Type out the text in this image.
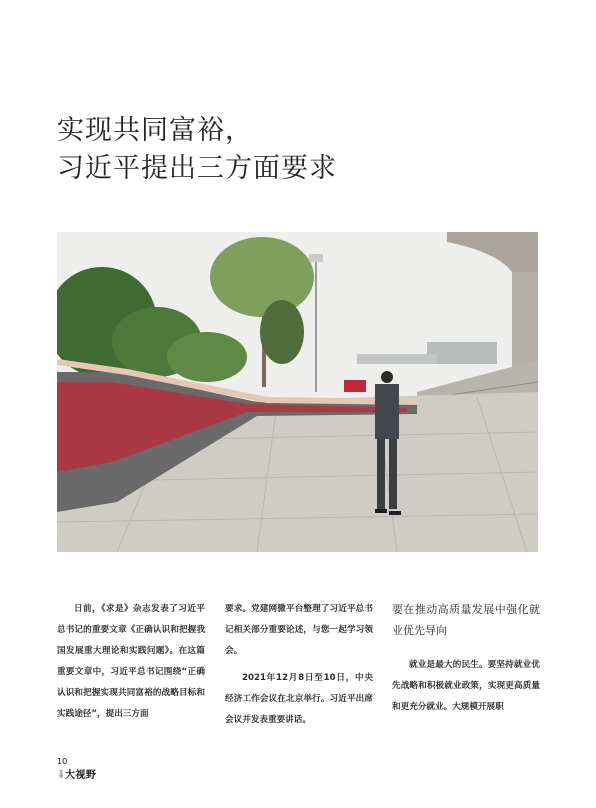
实现共同富裕，
习近平提出三方面要求

日前，《求是》杂志发表了习近平总书记的重要文章《正确认识和把握我国发展重大理论和实践问题》。在这篇重要文章中，习近平总书记围绕“正确认识和把握实现共同富裕的战略目标和实践途径”，提出三方面

要求。党建网微平台整理了习近平总书记相关部分重要论述，与您一起学习领会。

2021年12月8日至10日，中央经济工作会议在北京举行。习近平出席会议并发表重要讲话。

要在推动高质量发展中强化就业优先导向

就业是最大的民生。要坚持就业优先战略和积极就业政策，实现更高质量和更充分就业。大规模开展职

10
党建 大视野
